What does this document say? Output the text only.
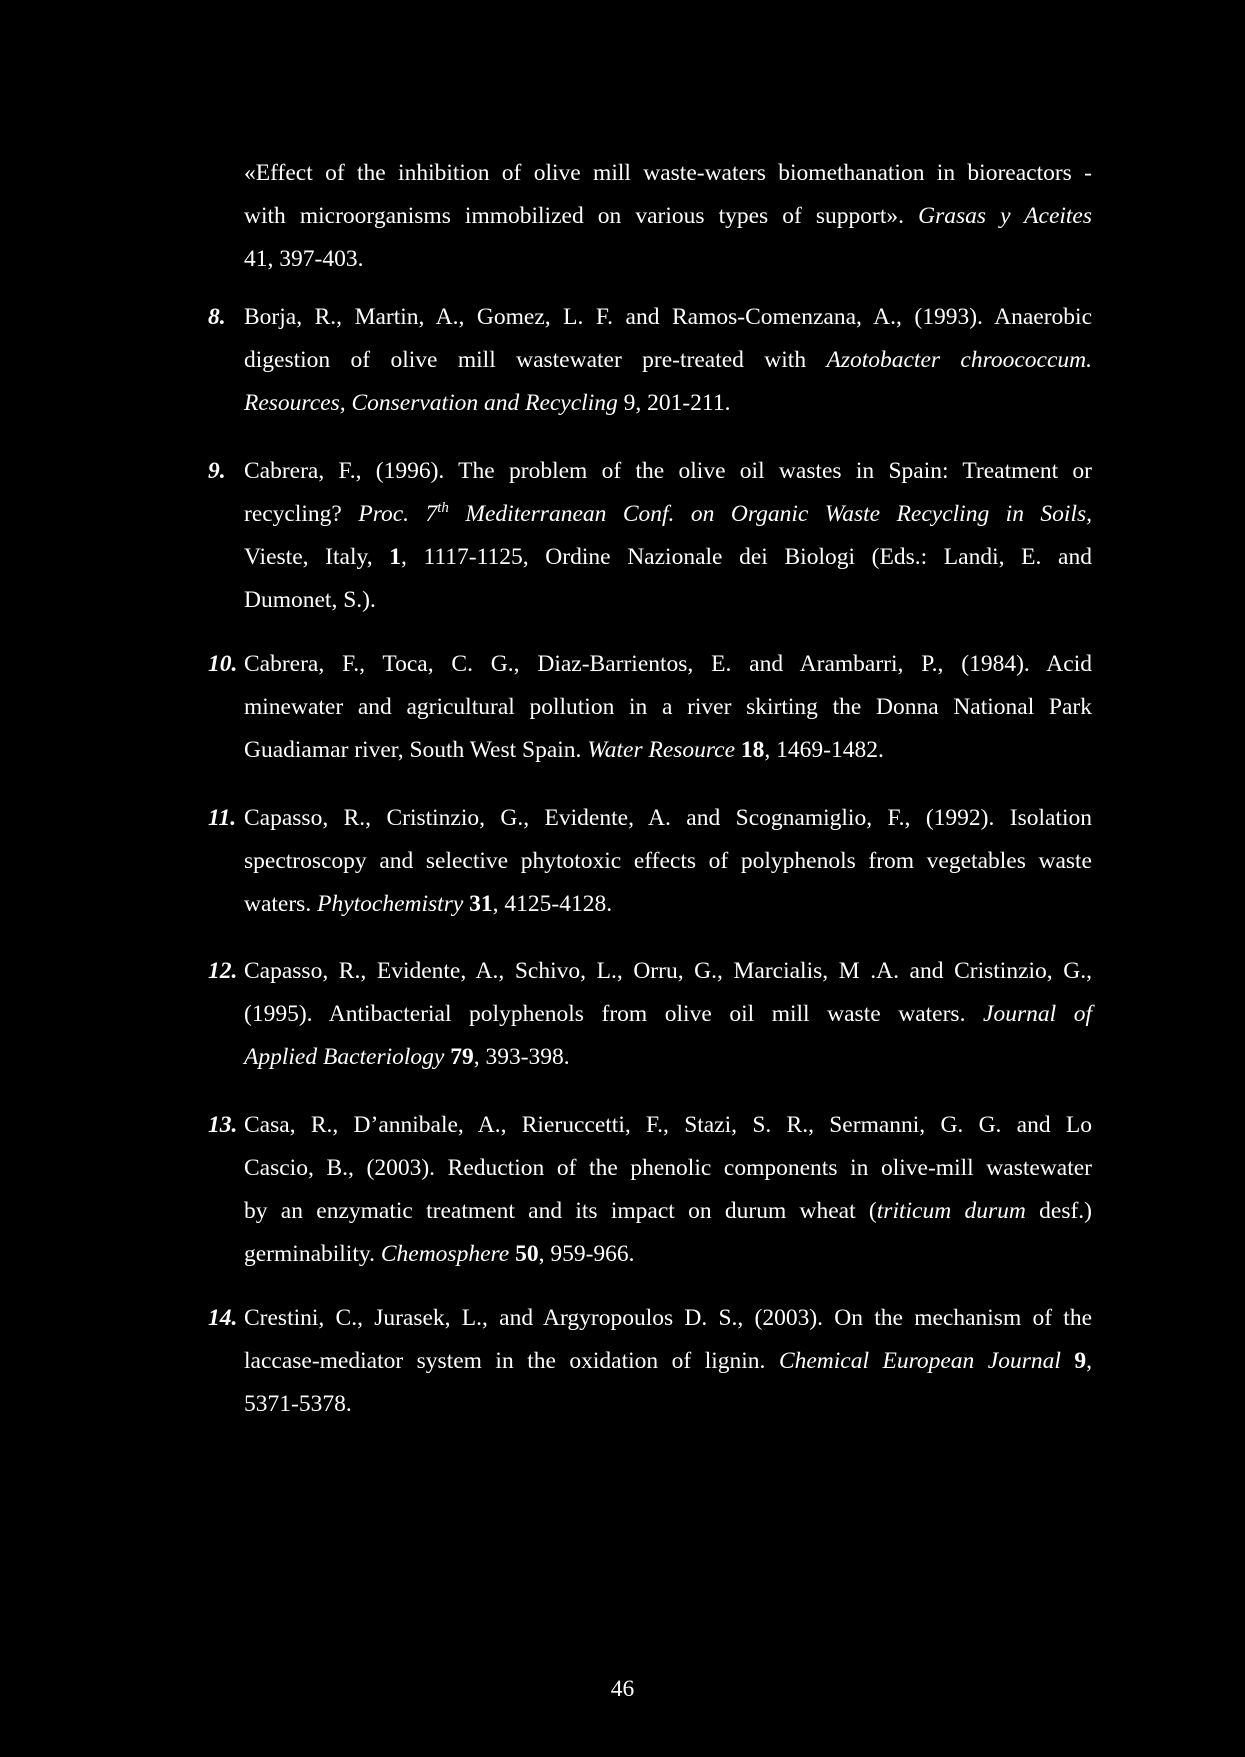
«Effect of the inhibition of olive mill waste-waters biomethanation in bioreactors -
with microorganisms immobilized on various types of support». Grasas y Aceites
41, 397-403.
8. Borja, R., Martin, A., Gomez, L. F. and Ramos-Comenzana, A., (1993). Anaerobic
digestion of olive mill wastewater pre-treated with Azotobacter chroococcum.
Resources, Conservation and Recycling 9, 201-211.
9. Cabrera, F., (1996). The problem of the olive oil wastes in Spain: Treatment or
recycling? Proc. 7th Mediterranean Conf. on Organic Waste Recycling in Soils,
Vieste, Italy, 1, 1117-1125, Ordine Nazionale dei Biologi (Eds.: Landi, E. and
Dumonet, S.).
10. Cabrera, F., Toca, C. G., Diaz-Barrientos, E. and Arambarri, P., (1984). Acid
minewater and agricultural pollution in a river skirting the Donna National Park
Guadiamar river, South West Spain. Water Resource 18, 1469-1482.
11. Capasso, R., Cristinzio, G., Evidente, A. and Scognamiglio, F., (1992). Isolation
spectroscopy and selective phytotoxic effects of polyphenols from vegetables waste
waters. Phytochemistry 31, 4125-4128.
12. Capasso, R., Evidente, A., Schivo, L., Orru, G., Marcialis, M .A. and Cristinzio, G.,
(1995). Antibacterial polyphenols from olive oil mill waste waters. Journal of
Applied Bacteriology 79, 393-398.
13. Casa, R., D’annibale, A., Rieruccetti, F., Stazi, S. R., Sermanni, G. G. and Lo
Cascio, B., (2003). Reduction of the phenolic components in olive-mill wastewater
by an enzymatic treatment and its impact on durum wheat (triticum durum desf.)
germinability. Chemosphere 50, 959-966.
14. Crestini, C., Jurasek, L., and Argyropoulos D. S., (2003). On the mechanism of the
laccase-mediator system in the oxidation of lignin. Chemical European Journal 9,
5371-5378.
46
